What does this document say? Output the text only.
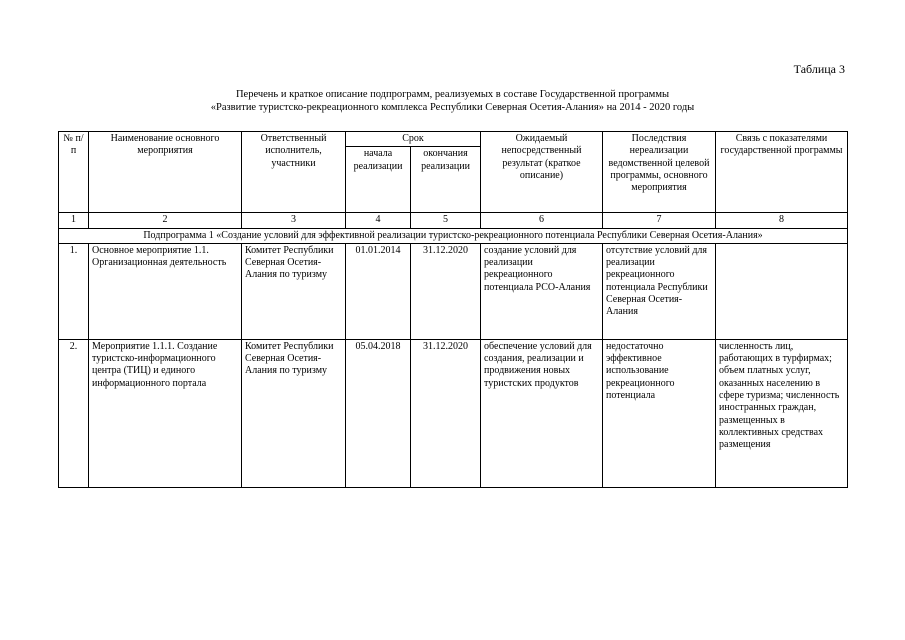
Таблица 3
Перечень и краткое описание подпрограмм, реализуемых в составе Государственной программы
«Развитие туристско-рекреационного комплекса Республики Северная Осетия-Алания» на 2014 - 2020 годы
№ п/п	Наименование основного мероприятия	Ответственный исполнитель, участники	Срок		Ожидаемый непосредственный результат (краткое описание)	Последствия нереализации ведомственной целевой программы, основного мероприятия	Связь с показателями государственной программы
			начала реализации	окончания реализации			
1	2	3	4	5	6	7	8
Подпрограмма 1 «Создание условий для эффективной реализации туристско-рекреационного потенциала Республики Северная Осетия-Алания»							
1.	Основное мероприятие 1.1. Организационная деятельность	Комитет Республики Северная Осетия-Алания по туризму	01.01.2014	31.12.2020	создание условий для реализации рекреационного потенциала РСО-Алания	отсутствие условий для реализации рекреационного потенциала Республики Северная Осетия-Алания	
2.	Мероприятие 1.1.1. Создание туристско-информационного центра (ТИЦ) и единого информационного портала	Комитет Республики Северная Осетия-Алания по туризму	05.04.2018	31.12.2020	обеспечение условий для создания, реализации и продвижения новых туристских продуктов	недостаточно эффективное использование рекреационного потенциала	численность лиц, работающих в турфирмах; объем платных услуг, оказанных населению в сфере туризма; численность иностранных граждан, размещенных в коллективных средствах размещения
